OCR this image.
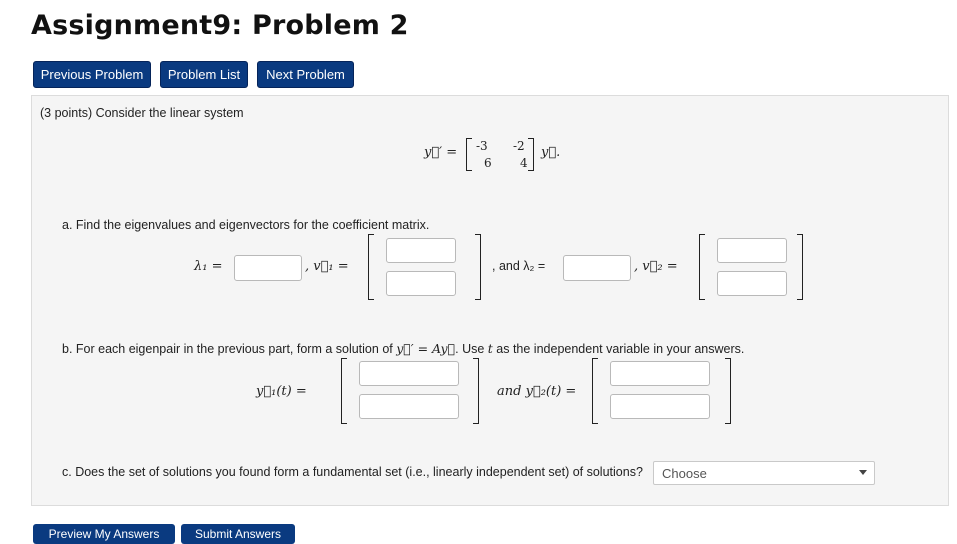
Assignment9: Problem 2
Previous Problem	Problem List	Next Problem
(3 points) Consider the linear system
y⃗′ = -3 -2
6 4
y⃗.
a. Find the eigenvalues and eigenvectors for the coefficient matrix.
λ₁ =	, v⃗₁ =	, and λ₂ =	, v⃗₂ =
b. For each eigenpair in the previous part, form a solution of y⃗′ = Ay⃗. Use t as the independent variable in your answers.
y⃗₁(t) =	and y⃗₂(t) =
c. Does the set of solutions you found form a fundamental set (i.e., linearly independent set) of solutions? Choose
Preview My Answers	Submit Answers
